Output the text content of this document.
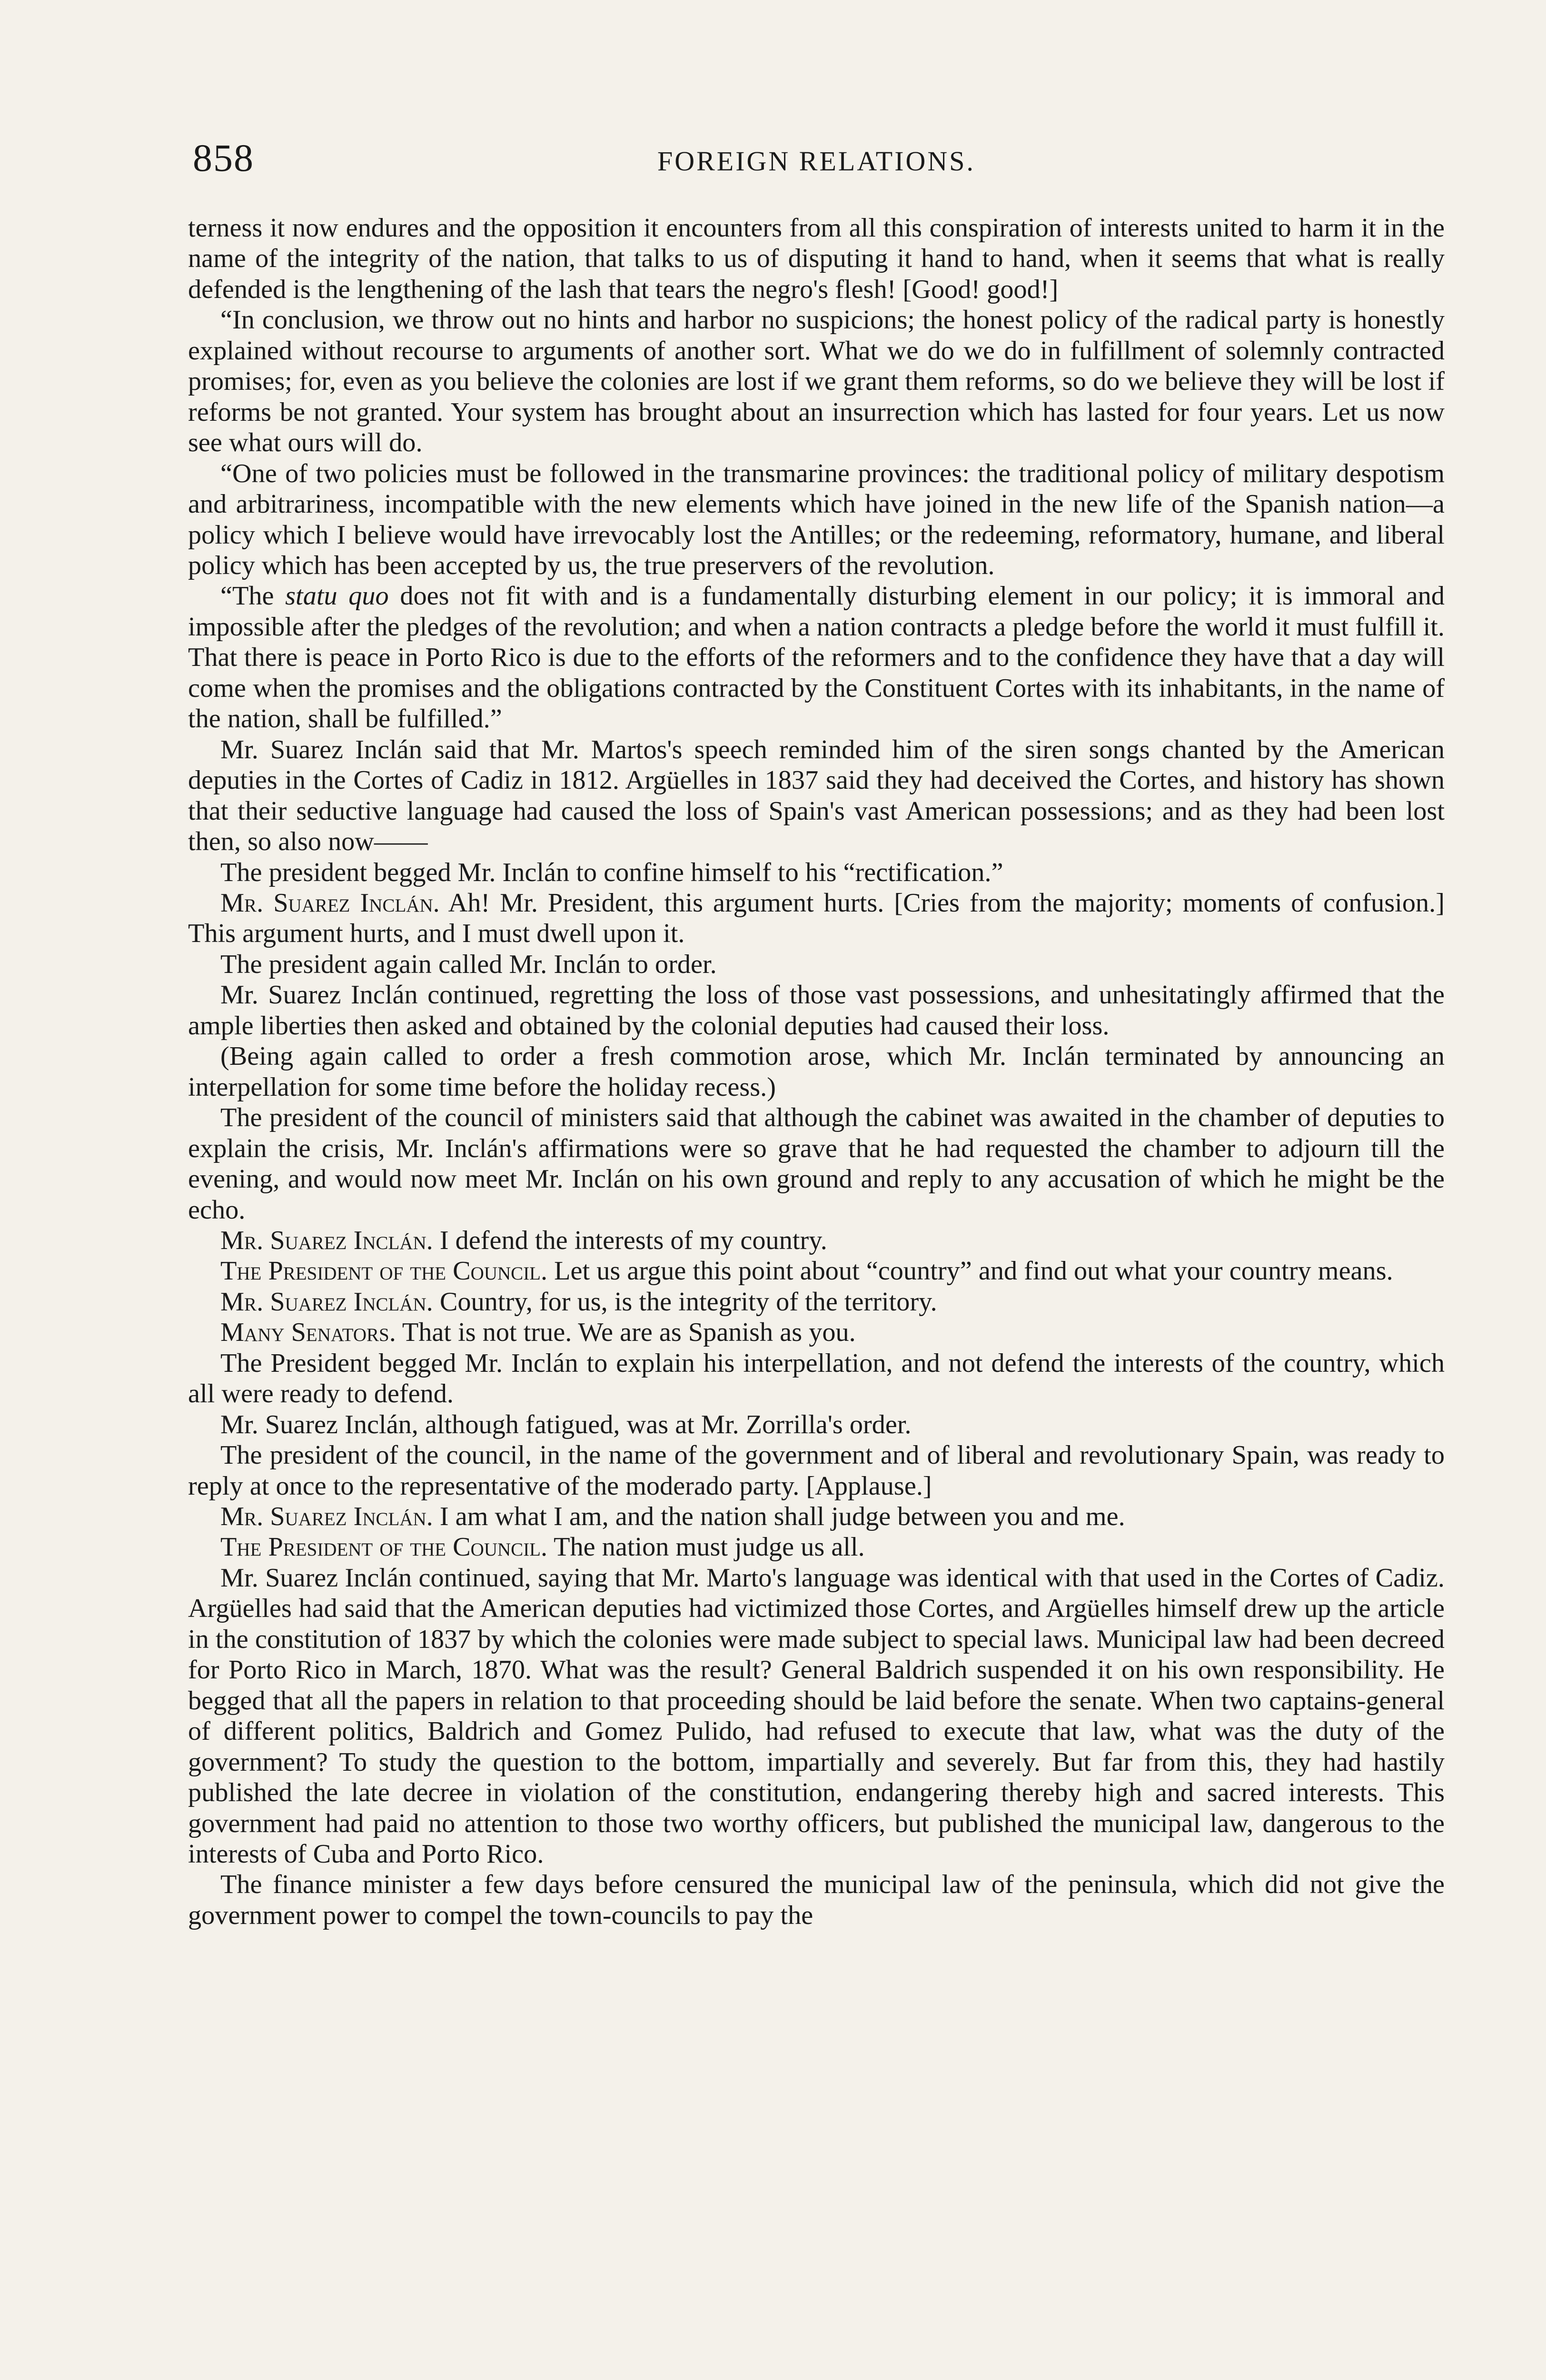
858	FOREIGN RELATIONS.

terness it now endures and the opposition it encounters from all this conspiration of interests united to harm it in the name of the integrity of the nation, that talks to us of disputing it hand to hand, when it seems that what is really defended is the lengthening of the lash that tears the negro's flesh! [Good! good!]

“In conclusion, we throw out no hints and harbor no suspicions; the honest policy of the radical party is honestly explained without recourse to arguments of another sort. What we do we do in fulfillment of solemnly contracted promises; for, even as you believe the colonies are lost if we grant them reforms, so do we believe they will be lost if reforms be not granted. Your system has brought about an insurrection which has lasted for four years. Let us now see what ours will do.

“One of two policies must be followed in the transmarine provinces: the traditional policy of military despotism and arbitrariness, incompatible with the new elements which have joined in the new life of the Spanish nation—a policy which I believe would have irrevocably lost the Antilles; or the redeeming, reformatory, humane, and liberal policy which has been accepted by us, the true preservers of the revolution.

“The statu quo does not fit with and is a fundamentally disturbing element in our policy; it is immoral and impossible after the pledges of the revolution; and when a nation contracts a pledge before the world it must fulfill it. That there is peace in Porto Rico is due to the efforts of the reformers and to the confidence they have that a day will come when the promises and the obligations contracted by the Constituent Cortes with its inhabitants, in the name of the nation, shall be fulfilled.”

Mr. Suarez Inclán said that Mr. Martos's speech reminded him of the siren songs chanted by the American deputies in the Cortes of Cadiz in 1812. Argüelles in 1837 said they had deceived the Cortes, and history has shown that their seductive language had caused the loss of Spain's vast American possessions; and as they had been lost then, so also now——

The president begged Mr. Inclán to confine himself to his “rectification.”

Mr. Suarez Inclán. Ah! Mr. President, this argument hurts. [Cries from the majority; moments of confusion.] This argument hurts, and I must dwell upon it.

The president again called Mr. Inclán to order.

Mr. Suarez Inclán continued, regretting the loss of those vast possessions, and unhesitatingly affirmed that the ample liberties then asked and obtained by the colonial deputies had caused their loss.

(Being again called to order a fresh commotion arose, which Mr. Inclán terminated by announcing an interpellation for some time before the holiday recess.)

The president of the council of ministers said that although the cabinet was awaited in the chamber of deputies to explain the crisis, Mr. Inclán's affirmations were so grave that he had requested the chamber to adjourn till the evening, and would now meet Mr. Inclán on his own ground and reply to any accusation of which he might be the echo.

Mr. Suarez Inclán. I defend the interests of my country.

The President of the Council. Let us argue this point about “country” and find out what your country means.

Mr. Suarez Inclán. Country, for us, is the integrity of the territory.

Many Senators. That is not true. We are as Spanish as you.

The President begged Mr. Inclán to explain his interpellation, and not defend the interests of the country, which all were ready to defend.

Mr. Suarez Inclán, although fatigued, was at Mr. Zorrilla's order.

The president of the council, in the name of the government and of liberal and revolutionary Spain, was ready to reply at once to the representative of the moderado party. [Applause.]

Mr. Suarez Inclán. I am what I am, and the nation shall judge between you and me.

The President of the Council. The nation must judge us all.

Mr. Suarez Inclán continued, saying that Mr. Marto's language was identical with that used in the Cortes of Cadiz. Argüelles had said that the American deputies had victimized those Cortes, and Argüelles himself drew up the article in the constitution of 1837 by which the colonies were made subject to special laws. Municipal law had been decreed for Porto Rico in March, 1870. What was the result? General Baldrich suspended it on his own responsibility. He begged that all the papers in relation to that proceeding should be laid before the senate. When two captains-general of different politics, Baldrich and Gomez Pulido, had refused to execute that law, what was the duty of the government? To study the question to the bottom, impartially and severely. But far from this, they had hastily published the late decree in violation of the constitution, endangering thereby high and sacred interests. This government had paid no attention to those two worthy officers, but published the municipal law, dangerous to the interests of Cuba and Porto Rico.

The finance minister a few days before censured the municipal law of the peninsula, which did not give the government power to compel the town-councils to pay the
